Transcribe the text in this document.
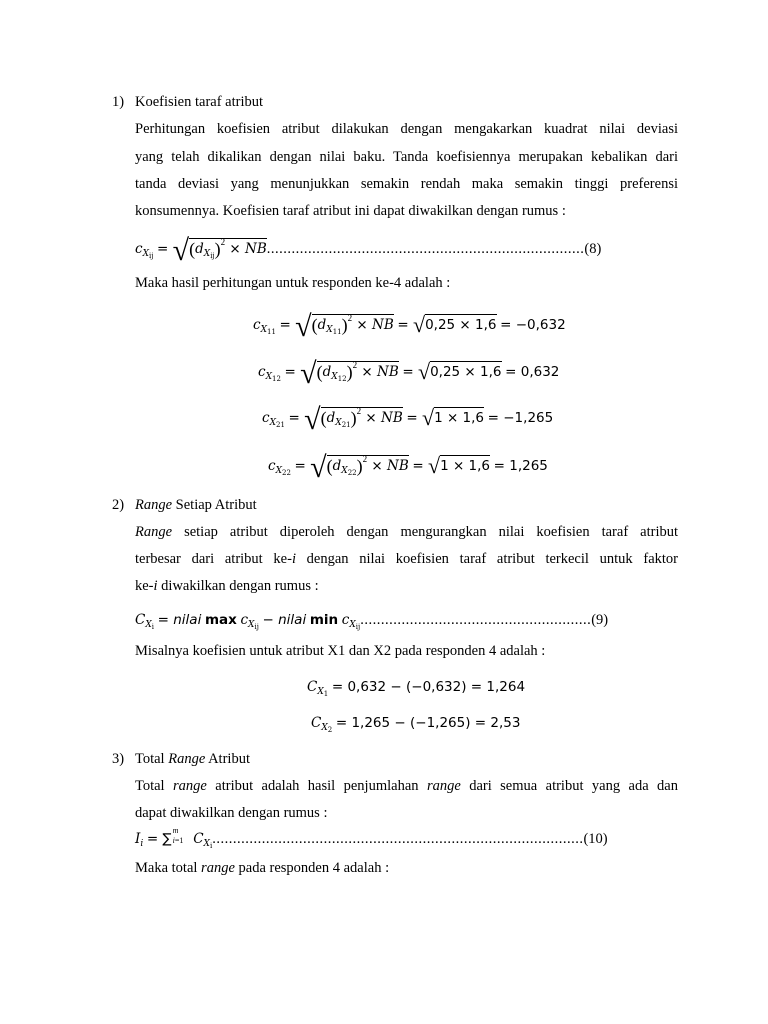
1) Koefisien taraf atribut
Perhitungan koefisien atribut dilakukan dengan mengakarkan kuadrat nilai deviasi
yang telah dikalikan dengan nilai baku. Tanda koefisiennya merupakan kebalikan dari
tanda deviasi yang menunjukkan semakin rendah maka semakin tinggi preferensi
konsumennya. Koefisien taraf atribut ini dapat diwakilkan dengan rumus :
$c_{X_{ij}} = √(d_{X_{ij}})^2 \times NB.............................................................................(8)$
Maka hasil perhitungan untuk responden ke-4 adalah :
$c_{X_{11}} = √(d_{X_{11}})^2$ × NB = √0,25 × 1,6 = −0,632
$c_{X_{12}} = √(d_{X_{12}})^2$ × NB = √0,25 × 1,6 = 0,632
$c_{X_{21}} = √(d_{X_{21}})^2$ × NB = √1 × 1,6 = −1,265
$c_{X_{22}} = √(d_{X_{22}})^2$ × NB = √1 × 1,6 = 1,265
2) Range Setiap Atribut
Range setiap atribut diperoleh dengan mengurangkan nilai koefisien taraf atribut
terbesar dari atribut ke-i dengan nilai koefisien taraf atribut terkecil untuk faktor
ke-i diwakilkan dengan rumus :
$C_{X_i}$ = nilai $\max c_{X_{ij}}$ − nilai $\min c_{X_{ij}}........................................................(9)$
Misalnya koefisien untuk atribut X1 dan X2 pada responden 4 adalah :
$C_{X_1} = 0,632 - (-0,632) = 1,264$
$C_{X_2} = 1,265 - (-1,265) = 2,53$
3) Total Range Atribut
Total range atribut adalah hasil penjumlahan range dari semua atribut yang ada dan
dapat diwakilkan dengan rumus :
$I_i$ = ∑
m
i=1 $C_{X_i}..........................................................................................(10)$
Maka total range pada responden 4 adalah :
